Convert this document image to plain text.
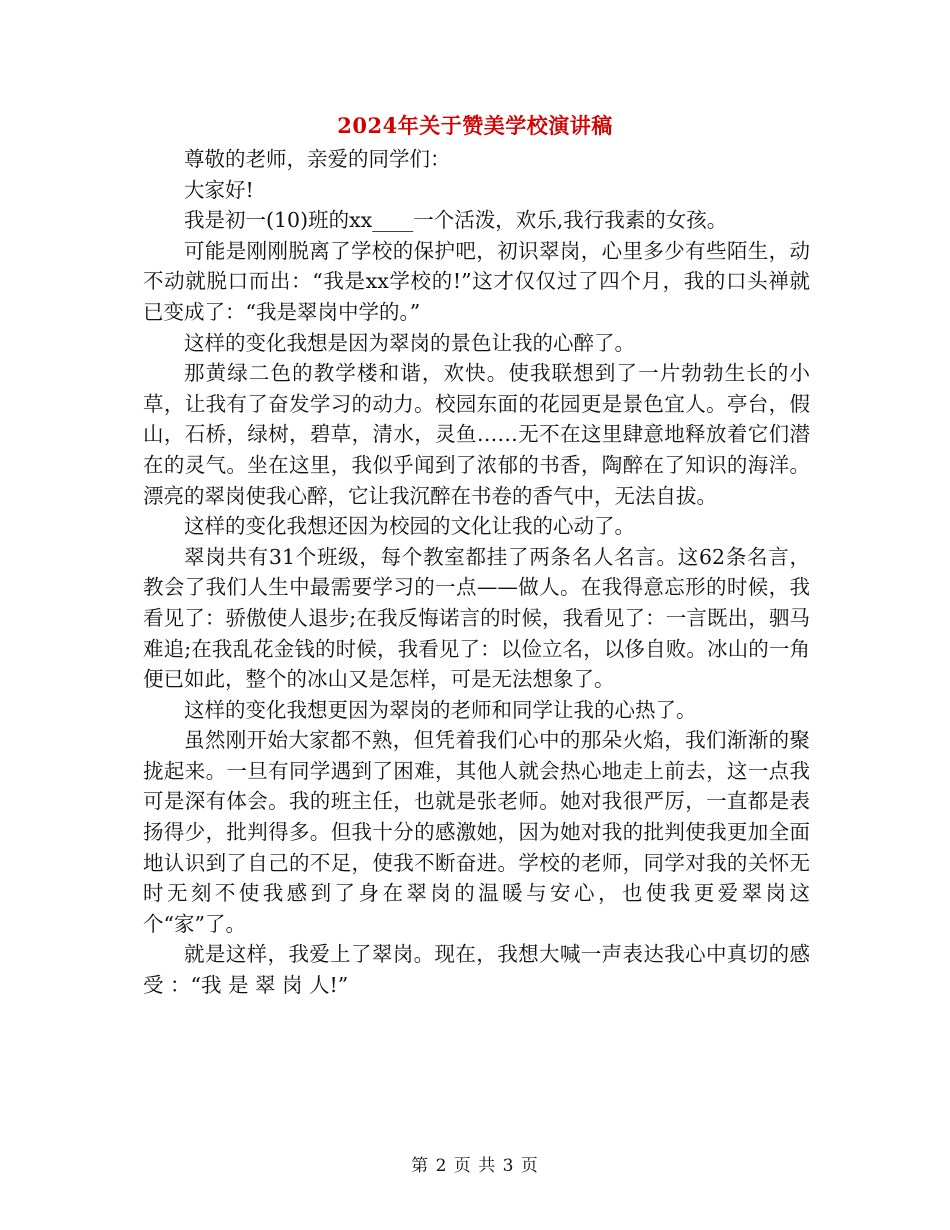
2024年关于赞美学校演讲稿

尊敬的老师，亲爱的同学们：

大家好!

我是初一(10)班的xx____一个活泼，欢乐,我行我素的女孩。

可能是刚刚脱离了学校的保护吧，初识翠岗，心里多少有些陌生，动不动就脱口而出：“我是xx学校的!”这才仅仅过了四个月，我的口头禅就已变成了：“我是翠岗中学的。”

这样的变化我想是因为翠岗的景色让我的心醉了。

那黄绿二色的教学楼和谐，欢快。使我联想到了一片勃勃生长的小草，让我有了奋发学习的动力。校园东面的花园更是景色宜人。亭台，假山，石桥，绿树，碧草，清水，灵鱼……无不在这里肆意地释放着它们潜在的灵气。坐在这里，我似乎闻到了浓郁的书香，陶醉在了知识的海洋。漂亮的翠岗使我心醉，它让我沉醉在书卷的香气中，无法自拔。

这样的变化我想还因为校园的文化让我的心动了。

翠岗共有31个班级，每个教室都挂了两条名人名言。这62条名言，教会了我们人生中最需要学习的一点——做人。在我得意忘形的时候，我看见了：骄傲使人退步;在我反悔诺言的时候，我看见了：一言既出，驷马难追;在我乱花金钱的时候，我看见了：以俭立名，以侈自败。冰山的一角便已如此，整个的冰山又是怎样，可是无法想象了。

这样的变化我想更因为翠岗的老师和同学让我的心热了。

虽然刚开始大家都不熟，但凭着我们心中的那朵火焰，我们渐渐的聚拢起来。一旦有同学遇到了困难，其他人就会热心地走上前去，这一点我可是深有体会。我的班主任，也就是张老师。她对我很严厉，一直都是表扬得少，批判得多。但我十分的感激她，因为她对我的批判使我更加全面地认识到了自己的不足，使我不断奋进。学校的老师，同学对我的关怀无时无刻不使我感到了身在翠岗的温暖与安心，也使我更爱翠岗这个“家”了。

就是这样，我爱上了翠岗。现在，我想大喊一声表达我心中真切的感受 ：“我 是 翠 岗 人!”

第 2 页 共 3 页
